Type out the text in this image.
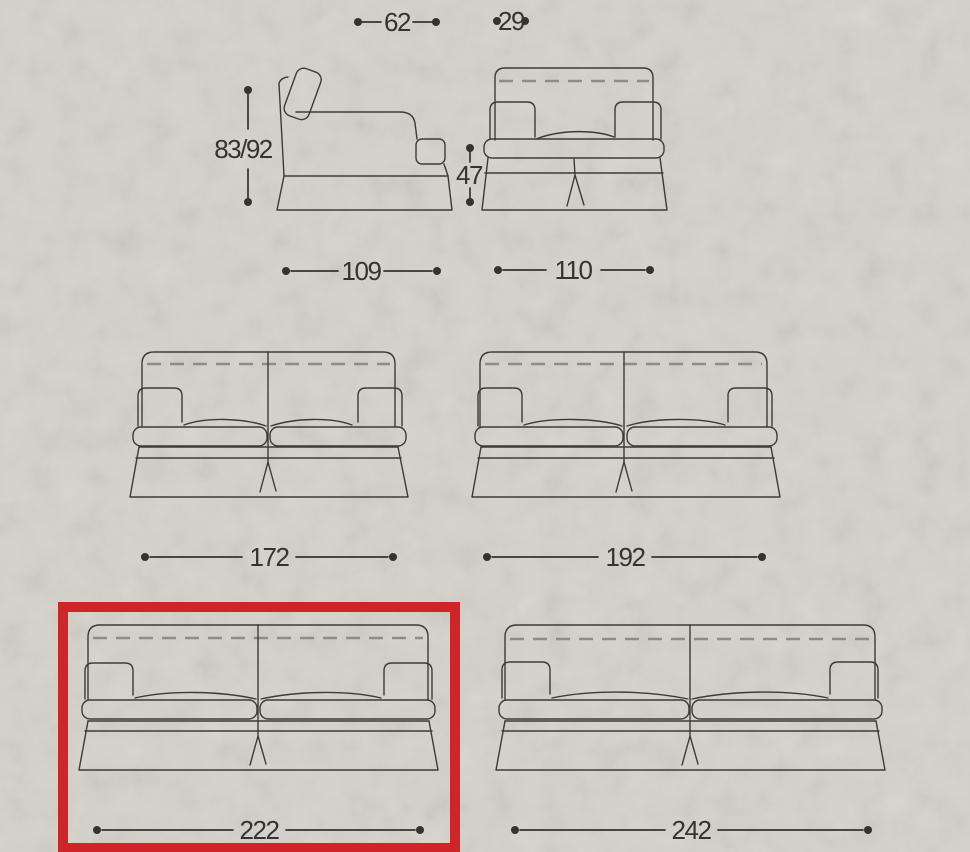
62
83/92
109
29
47
110
172	192
222	242
